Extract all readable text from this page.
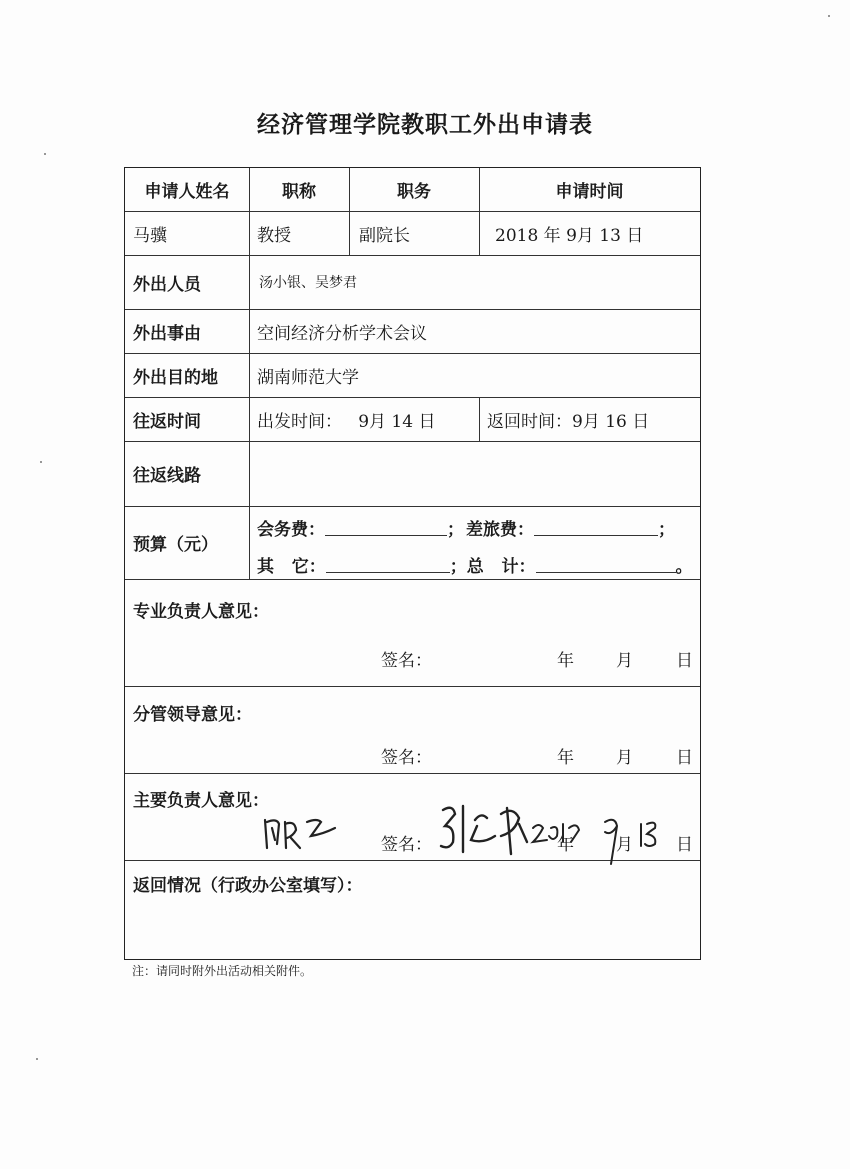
经济管理学院教职工外出申请表
申请人姓名	职称	职务	申请时间
马骥	教授	副院长	2018 年 9月 13 日
外出人员	汤小银、吴梦君
外出事由	空间经济分析学术会议
外出目的地	湖南师范大学
往返时间	出发时间：   9月 14 日	返回时间：9月 16 日
往返线路
预算（元）
会务费：	； 差旅费：	；
其   它：	； 总   计：	。
专业负责人意见：
签名：	年 月	日
分管领导意见：
签名：	年 月	日
主要负责人意见：
签名：	年 月	日
返回情况（行政办公室填写）：
注：请同时附外出活动相关附件。
